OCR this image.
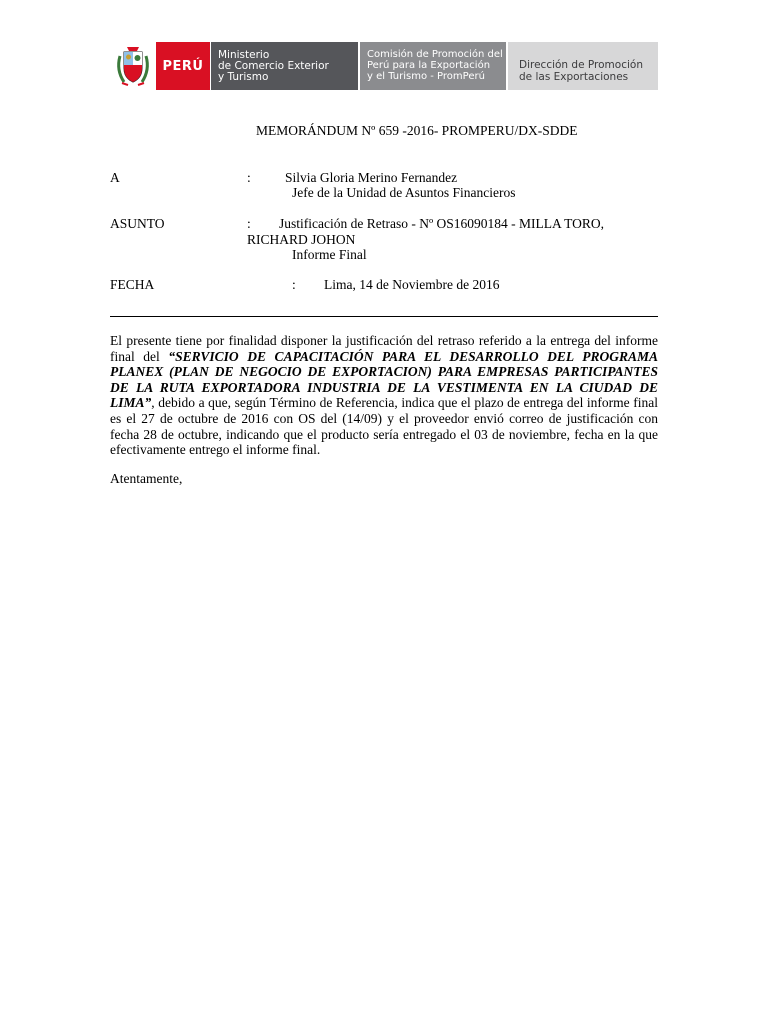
PERÚ
Ministerio
de Comercio Exterior
y Turismo
Comisión de Promoción del
Perú para la Exportación
y el Turismo - PromPerú
Dirección de Promoción
de las Exportaciones
MEMORÁNDUM Nº 659 -2016- PROMPERU/DX-SDDE
A	:	Silvia Gloria Merino Fernandez
Jefe de la Unidad de Asuntos Financieros
ASUNTO	: Justificación de Retraso - Nº OS16090184 - MILLA TORO,
RICHARD JOHON
Informe Final
FECHA	: Lima, 14 de Noviembre de 2016
El presente tiene por finalidad disponer la justificación del retraso referido a la entrega del informe final del “SERVICIO DE CAPACITACIÓN PARA EL DESARROLLO DEL PROGRAMA PLANEX (PLAN DE NEGOCIO DE EXPORTACION) PARA EMPRESAS PARTICIPANTES DE LA RUTA EXPORTADORA INDUSTRIA DE LA VESTIMENTA EN LA CIUDAD DE LIMA”, debido a que, según Término de Referencia, indica que el plazo de entrega del informe final es el 27 de octubre de 2016 con OS del (14/09) y el proveedor envió correo de justificación con fecha 28 de octubre, indicando que el producto sería entregado el 03 de noviembre, fecha en la que efectivamente entrego el informe final.
Atentamente,
